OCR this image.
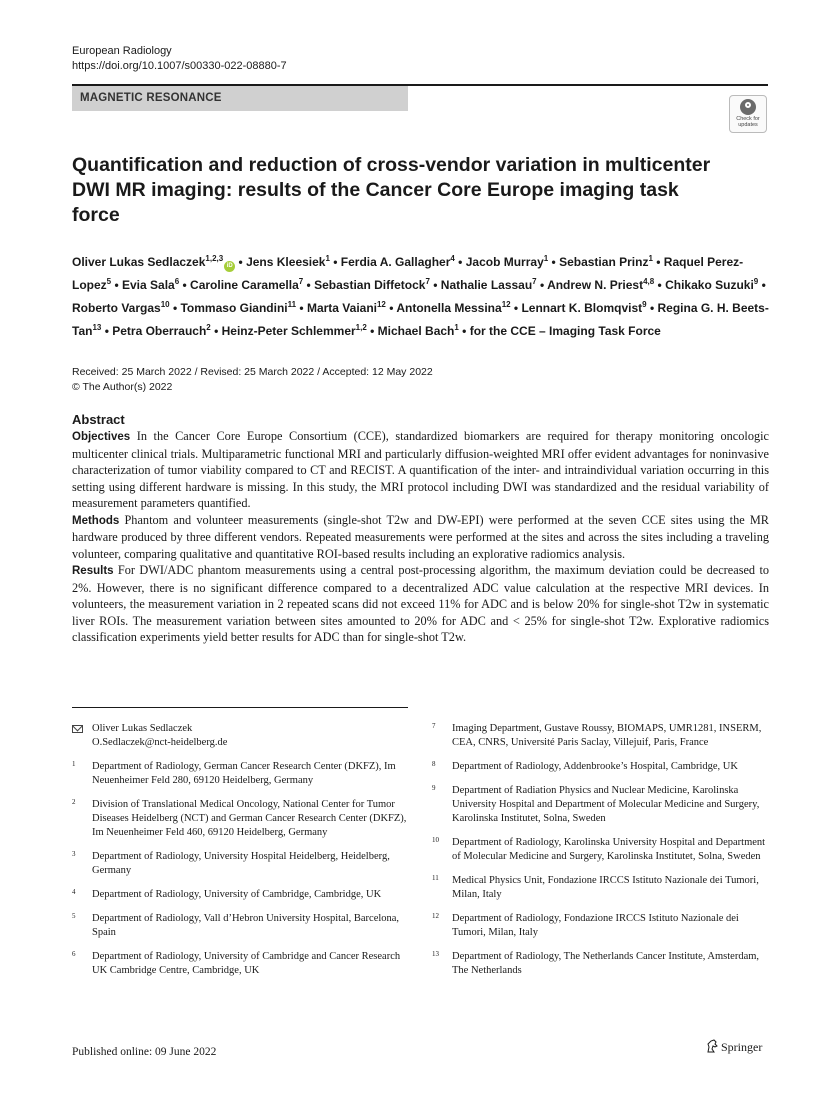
European Radiology
https://doi.org/10.1007/s00330-022-08880-7
MAGNETIC RESONANCE
Check for
updates
Quantification and reduction of cross-vendor variation in multicenter DWI MR imaging: results of the Cancer Core Europe imaging task force
Oliver Lukas Sedlaczek$^{1,2,3}$iD • Jens Kleesiek$^1$ • Ferdia A. Gallagher$^4$ • Jacob Murray$^1$ • Sebastian Prinz$^1$ • Raquel Perez-Lopez$^5$ • Evia Sala$^6$ • Caroline Caramella$^7$ • Sebastian Diffetock$^7$ • Nathalie Lassau$^7$ • Andrew N. Priest$^{4,8}$ • Chikako Suzuki$^9$ • Roberto Vargas$^{10}$ • Tommaso Giandini$^{11}$ • Marta Vaiani$^{12}$ • Antonella Messina$^{12}$ • Lennart K. Blomqvist$^9$ • Regina G. H. Beets-Tan$^{13}$ • Petra Oberrauch$^2$ • Heinz-Peter Schlemmer$^{1,2}$ • Michael Bach$^1$ • for the CCE – Imaging Task Force
Received: 25 March 2022 / Revised: 25 March 2022 / Accepted: 12 May 2022
© The Author(s) 2022
Abstract

Objectives In the Cancer Core Europe Consortium (CCE), standardized biomarkers are required for therapy monitoring oncologic multicenter clinical trials. Multiparametric functional MRI and particularly diffusion-weighted MRI offer evident advantages for noninvasive characterization of tumor viability compared to CT and RECIST. A quantification of the inter- and intraindividual variation occurring in this setting using different hardware is missing. In this study, the MRI protocol including DWI was standardized and the residual variability of measurement parameters quantified.

Methods Phantom and volunteer measurements (single-shot T2w and DW-EPI) were performed at the seven CCE sites using the MR hardware produced by three different vendors. Repeated measurements were performed at the sites and across the sites including a traveling volunteer, comparing qualitative and quantitative ROI-based results including an explorative radiomics analysis.

Results For DWI/ADC phantom measurements using a central post-processing algorithm, the maximum deviation could be decreased to 2%. However, there is no significant difference compared to a decentralized ADC value calculation at the respective MRI devices. In volunteers, the measurement variation in 2 repeated scans did not exceed 11% for ADC and is below 20% for single-shot T2w in systematic liver ROIs. The measurement variation between sites amounted to 20% for ADC and < 25% for single-shot T2w. Explorative radiomics classification experiments yield better results for ADC than for single-shot T2w.

Oliver Lukas Sedlaczek
O.Sedlaczek@nct-heidelberg.de
1 Department of Radiology, German Cancer Research Center (DKFZ), Im Neuenheimer Feld 280, 69120 Heidelberg, Germany
2 Division of Translational Medical Oncology, National Center for Tumor Diseases Heidelberg (NCT) and German Cancer Research Center (DKFZ), Im Neuenheimer Feld 460, 69120 Heidelberg, Germany
3 Department of Radiology, University Hospital Heidelberg, Heidelberg, Germany
4 Department of Radiology, University of Cambridge, Cambridge, UK
5 Department of Radiology, Vall d’Hebron University Hospital, Barcelona, Spain
6 Department of Radiology, University of Cambridge and Cancer Research UK Cambridge Centre, Cambridge, UK
7 Imaging Department, Gustave Roussy, BIOMAPS, UMR1281, INSERM, CEA, CNRS, Université Paris Saclay, Villejuif, Paris, France
8 Department of Radiology, Addenbrooke’s Hospital, Cambridge, UK
9 Department of Radiation Physics and Nuclear Medicine, Karolinska University Hospital and Department of Molecular Medicine and Surgery, Karolinska Institutet, Solna, Sweden
10 Department of Radiology, Karolinska University Hospital and Department of Molecular Medicine and Surgery, Karolinska Institutet, Solna, Sweden
11 Medical Physics Unit, Fondazione IRCCS Istituto Nazionale dei Tumori, Milan, Italy
12 Department of Radiology, Fondazione IRCCS Istituto Nazionale dei Tumori, Milan, Italy
13 Department of Radiology, The Netherlands Cancer Institute, Amsterdam, The Netherlands
Published online: 09 June 2022	Springer
